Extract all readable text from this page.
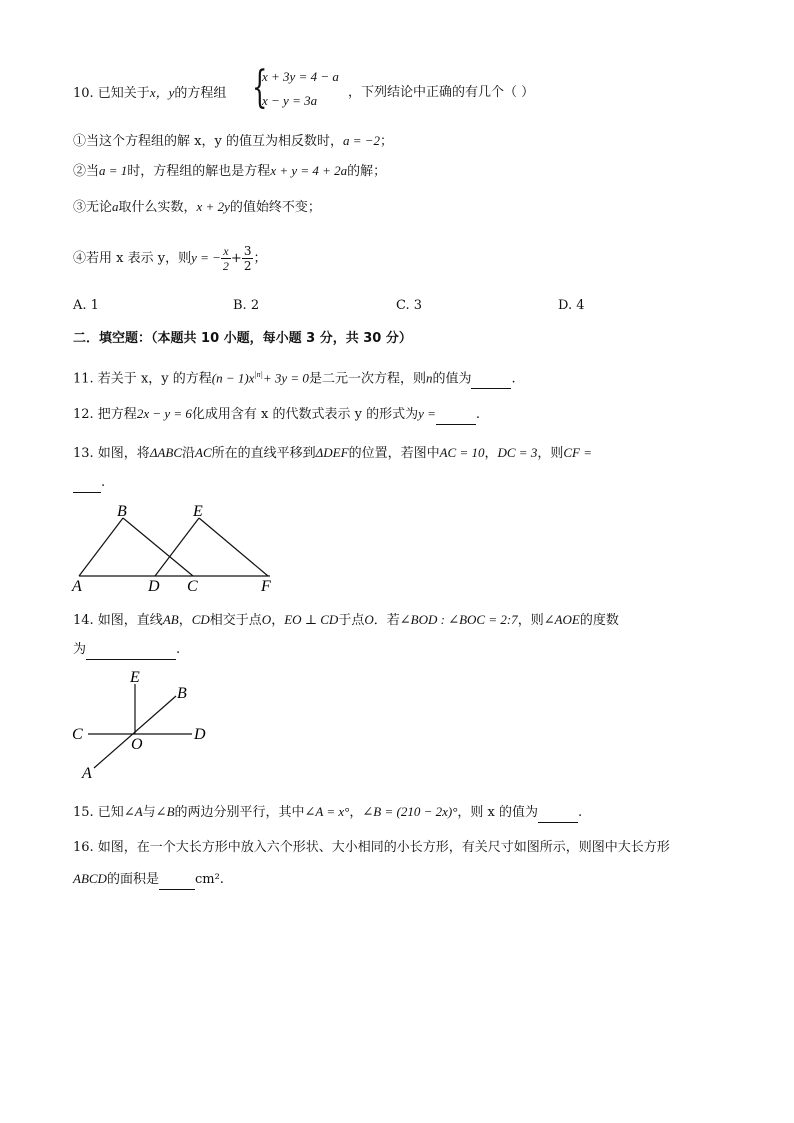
10. 已知关于x，y的方程组 {
x + 3y = 4 − a
x − y = 3a
，下列结论中正确的有几个（ ）
①当这个方程组的解 x，y 的值互为相反数时，a = −2；
②当a = 1时，方程组的解也是方程x + y = 4 + 2a的解；
③无论a取什么实数，x + 2y的值始终不变；
④若用 x 表示 y，则y = − $\frac{x}{2} + \frac{3}{2}$ ；
A. 1	B. 2	C. 3	D. 4
二．填空题：（本题共 10 小题，每小题 3 分，共 30 分）
11. 若关于 x，y 的方程$(n - 1)x^{|n|}+ 3y = 0$是二元一次方程，则n的值为	.
12. 把方程2x − y = 6化成用含有 x 的代数式表示 y 的形式为y =	.
13. 如图，将ΔABC沿AC所在的直线平移到ΔDEF的位置，若图中AC = 10，DC = 3，则CF =
.
B	E
A	D C	F
14. 如图，直线AB，CD相交于点O，EO ⊥ CD于点O．若∠BOD : ∠BOC = 2:7，则∠AOE的度数
为	.
E
B
C
O
D
A
15. 已知∠A与∠B的两边分别平行，其中∠A = x°，∠B = (210 − 2x)°，则 x 的值为	.
16. 如图，在一个大长方形中放入六个形状、大小相同的小长方形，有关尺寸如图所示，则图中大长方形
ABCD的面积是	cm².
